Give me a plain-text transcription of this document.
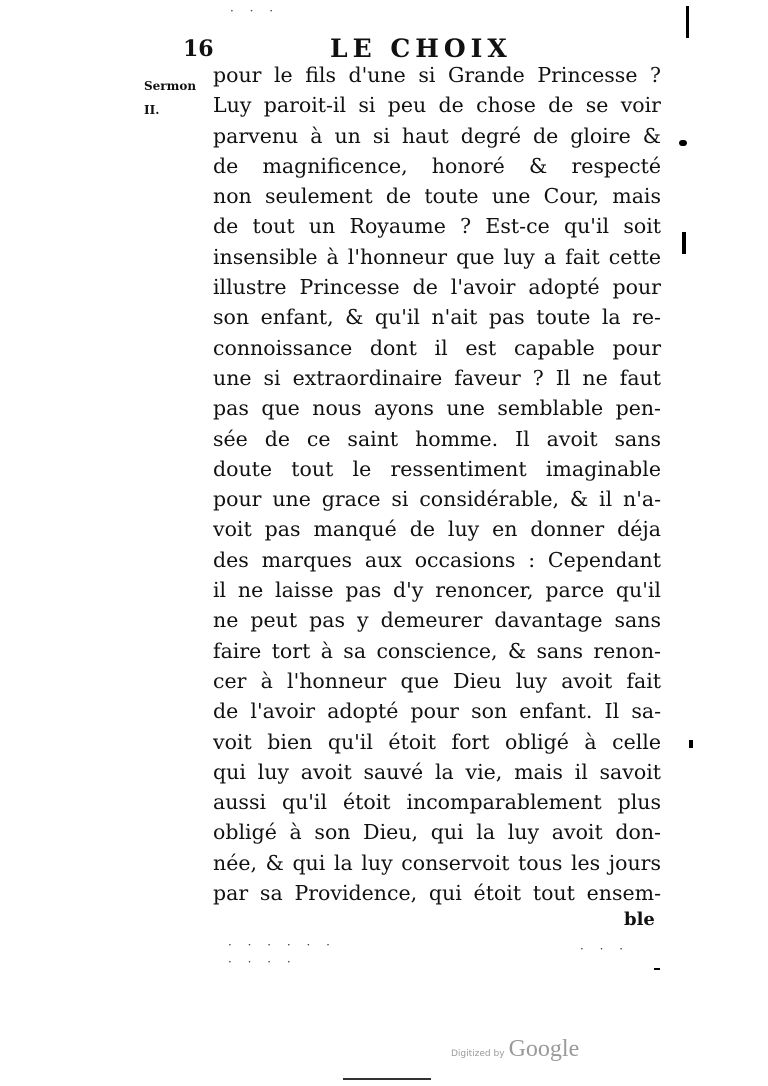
16	LE CHOIX
Sermon
II.
pour le fils d'une si Grande Princesse ?
Luy paroit-il si peu de chose de se voir
parvenu à un si haut degré de gloire &
de magnificence, honoré & respecté
non seulement de toute une Cour, mais
de tout un Royaume ? Est-ce qu'il soit
insensible à l'honneur que luy a fait cette
illustre Princesse de l'avoir adopté pour
son enfant, & qu'il n'ait pas toute la re-
connoissance dont il est capable pour
une si extraordinaire faveur ? Il ne faut
pas que nous ayons une semblable pen-
sée de ce saint homme. Il avoit sans
doute tout le ressentiment imaginable
pour une grace si considérable, & il n'a-
voit pas manqué de luy en donner déja
des marques aux occasions : Cependant
il ne laisse pas d'y renoncer, parce qu'il
ne peut pas y demeurer davantage sans
faire tort à sa conscience, & sans renon-
cer à l'honneur que Dieu luy avoit fait
de l'avoir adopté pour son enfant. Il sa-
voit bien qu'il étoit fort obligé à celle
qui luy avoit sauvé la vie, mais il savoit
aussi qu'il étoit incomparablement plus
obligé à son Dieu, qui la luy avoit don-
née, & qui la luy conservoit tous les jours
par sa Providence, qui étoit tout ensem-
ble
· · ·
· · · · · ·
· · · ·
· · ·
Digitized by Google
